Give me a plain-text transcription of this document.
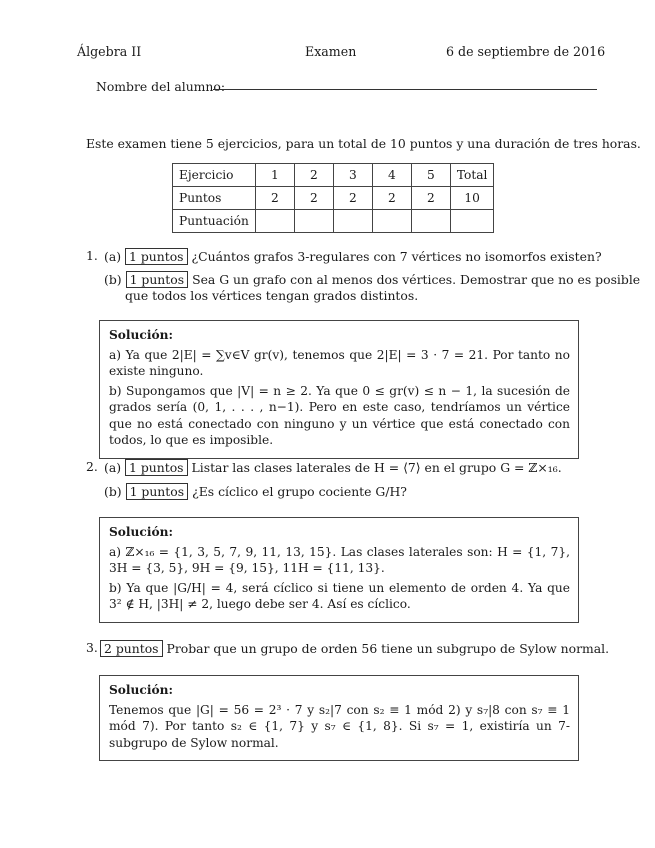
Álgebra II	Examen	6 de septiembre de 2016
Nombre del alumno:
Este examen tiene 5 ejercicios, para un total de 10 puntos y una duración de tres horas.
Ejercicio	1	2	3	4	5	Total
Puntos	2	2	2	2	2	10
Puntuación						
1. (a) 1 puntos ¿Cuántos grafos 3-regulares con 7 vértices no isomorfos existen?
(b) 1 puntos Sea G un grafo con al menos dos vértices. Demostrar que no es posible
que todos los vértices tengan grados distintos.
Solución:

a) Ya que 2|E| = ∑v∈V gr(v), tenemos que 2|E| = 3 · 7 = 21. Por tanto no existe ninguno.

b) Supongamos que |V| = n ≥ 2. Ya que 0 ≤ gr(v) ≤ n − 1, la sucesión de grados sería (0, 1, . . . , n−1). Pero en este caso, tendríamos un vértice que no está conectado con ninguno y un vértice que está conectado con todos, lo que es imposible.

2. (a) 1 puntos Listar las clases laterales de H = ⟨7⟩ en el grupo G = ℤ×₁₆.
(b) 1 puntos ¿Es cíclico el grupo cociente G/H?
Solución:

a) ℤ×₁₆ = {1, 3, 5, 7, 9, 11, 13, 15}. Las clases laterales son: H = {1, 7}, 3H = {3, 5}, 9H = {9, 15}, 11H = {11, 13}.

b) Ya que |G/H| = 4, será cíclico si tiene un elemento de orden 4. Ya que 3² ∉ H, |3H| ≠ 2, luego debe ser 4. Así es cíclico.

3. 2 puntos Probar que un grupo de orden 56 tiene un subgrupo de Sylow normal.
Solución:

Tenemos que |G| = 56 = 2³ · 7 y s₂|7 con s₂ ≡ 1 mód 2) y s₇|8 con s₇ ≡ 1 mód 7). Por tanto s₂ ∈ {1, 7} y s₇ ∈ {1, 8}. Si s₇ = 1, existiría un 7-subgrupo de Sylow normal.
